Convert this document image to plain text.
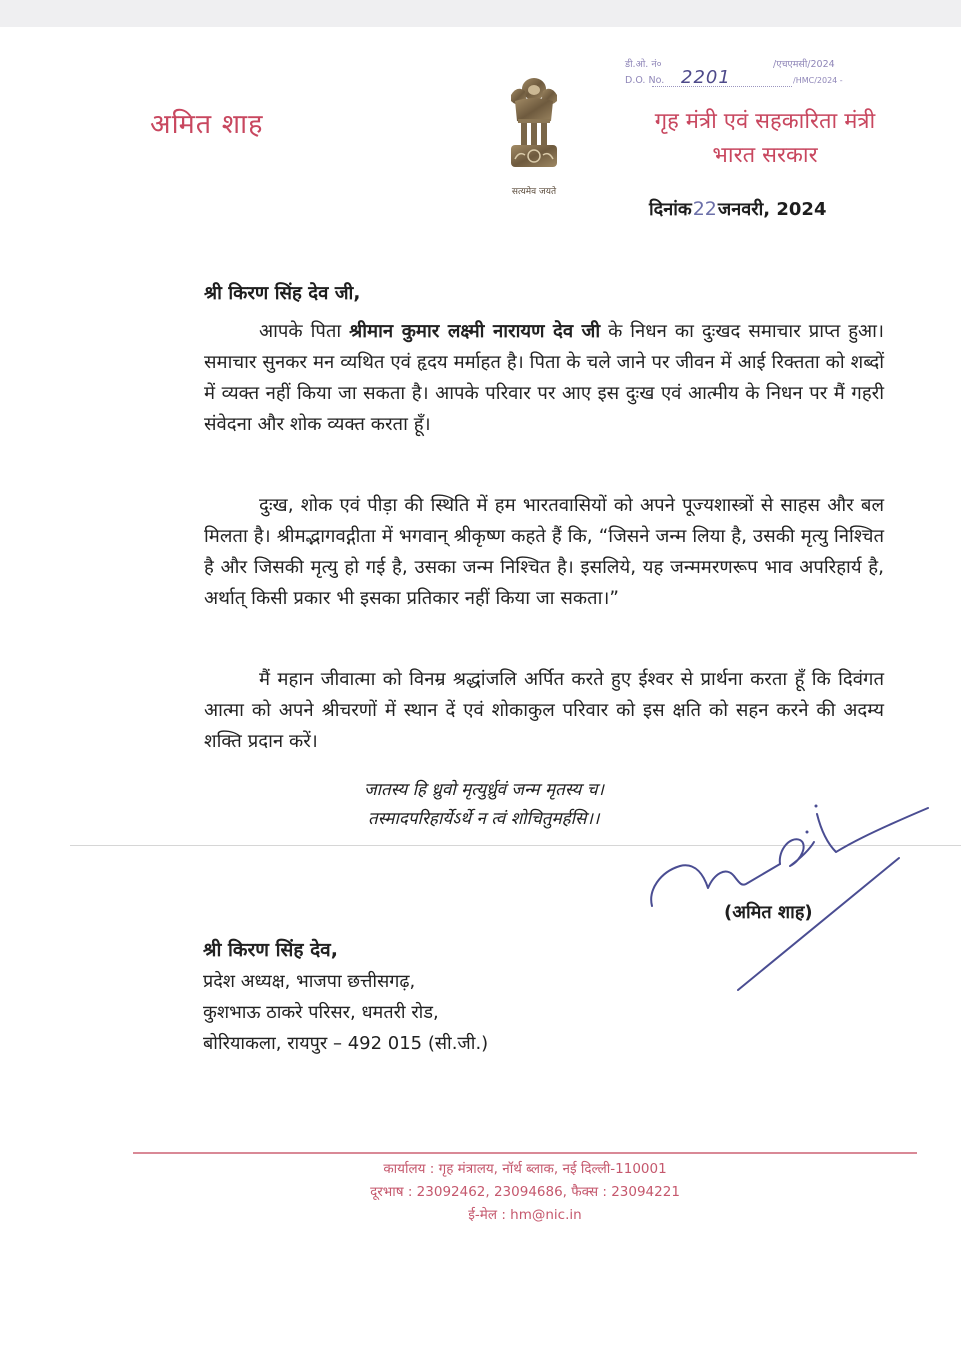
अमित शाह
सत्यमेव जयते
डी.ओ. नं०	/एचएमसी/2024
D.O. No. 2201	/HMC/2024 -
गृह मंत्री एवं सहकारिता मंत्री
भारत सरकार
दिनांक22जनवरी, 2024
श्री किरण सिंह देव जी,
आपके पिता श्रीमान कुमार लक्ष्मी नारायण देव जी के निधन का दुःखद समाचार प्राप्त हुआ। समाचार सुनकर मन व्यथित एवं हृदय मर्माहत है। पिता के चले जाने पर जीवन में आई रिक्तता को शब्दों में व्यक्त नहीं किया जा सकता है। आपके परिवार पर आए इस दुःख एवं आत्मीय के निधन पर मैं गहरी संवेदना और शोक व्यक्त करता हूँ।
दुःख, शोक एवं पीड़ा की स्थिति में हम भारतवासियों को अपने पूज्यशास्त्रों से साहस और बल मिलता है। श्रीमद्भागवद्गीता में भगवान् श्रीकृष्ण कहते हैं कि, “जिसने जन्म लिया है, उसकी मृत्यु निश्चित है और जिसकी मृत्यु हो गई है, उसका जन्म निश्चित है। इसलिये, यह जन्ममरणरूप भाव अपरिहार्य है, अर्थात् किसी प्रकार भी इसका प्रतिकार नहीं किया जा सकता।”
मैं महान जीवात्मा को विनम्र श्रद्धांजलि अर्पित करते हुए ईश्वर से प्रार्थना करता हूँ कि दिवंगत आत्मा को अपने श्रीचरणों में स्थान दें एवं शोकाकुल परिवार को इस क्षति को सहन करने की अदम्य शक्ति प्रदान करें।
जातस्य हि ध्रुवो मृत्युर्ध्रुवं जन्म मृतस्य च।
तस्मादपरिहार्येऽर्थे न त्वं शोचितुमर्हसि।।
(अमित शाह)
श्री किरण सिंह देव,
प्रदेश अध्यक्ष, भाजपा छत्तीसगढ़,
कुशभाऊ ठाकरे परिसर, धमतरी रोड,
बोरियाकला, रायपुर – 492 015 (सी.जी.)
कार्यालय : गृह मंत्रालय, नॉर्थ ब्लाक, नई दिल्ली-110001
दूरभाष : 23092462, 23094686, फैक्स : 23094221
ई-मेल : hm@nic.in
